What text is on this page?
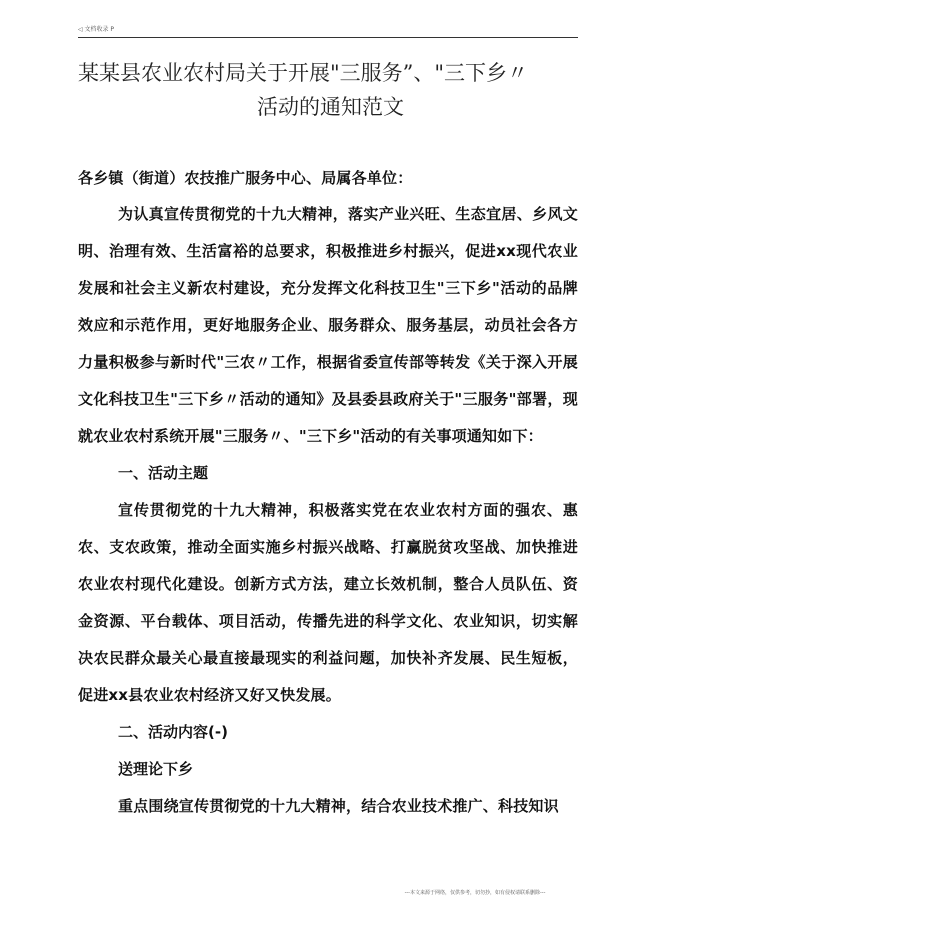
◁ 文档收录 P
某某县农业农村局关于开展"三服务”、"三下乡〃
活动的通知范文

各乡镇（街道）农技推广服务中心、局属各单位：

为认真宣传贯彻党的十九大精神，落实产业兴旺、生态宜居、乡风文明、治理有效、生活富裕的总要求，积极推进乡村振兴，促进xx现代农业发展和社会主义新农村建设，充分发挥文化科技卫生"三下乡"活动的品牌效应和示范作用，更好地服务企业、服务群众、服务基层，动员社会各方力量积极参与新时代"三农〃工作，根据省委宣传部等转发《关于深入开展文化科技卫生"三下乡〃活动的通知》及县委县政府关于"三服务"部署，现就农业农村系统开展"三服务〃、"三下乡"活动的有关事项通知如下：

一、活动主题

宣传贯彻党的十九大精神，积极落实党在农业农村方面的强农、惠农、支农政策，推动全面实施乡村振兴战略、打赢脱贫攻坚战、加快推进农业农村现代化建设。创新方式方法，建立长效机制，整合人员队伍、资金资源、平台载体、项目活动，传播先进的科学文化、农业知识，切实解决农民群众最关心最直接最现实的利益问题，加快补齐发展、民生短板，促进xx县农业农村经济又好又快发展。

二、活动内容(-)

送理论下乡

重点围绕宣传贯彻党的十九大精神，结合农业技术推广、科技知识

---本文来源于网络，仅供参考，切勿抄，如有侵权请联系删除---
